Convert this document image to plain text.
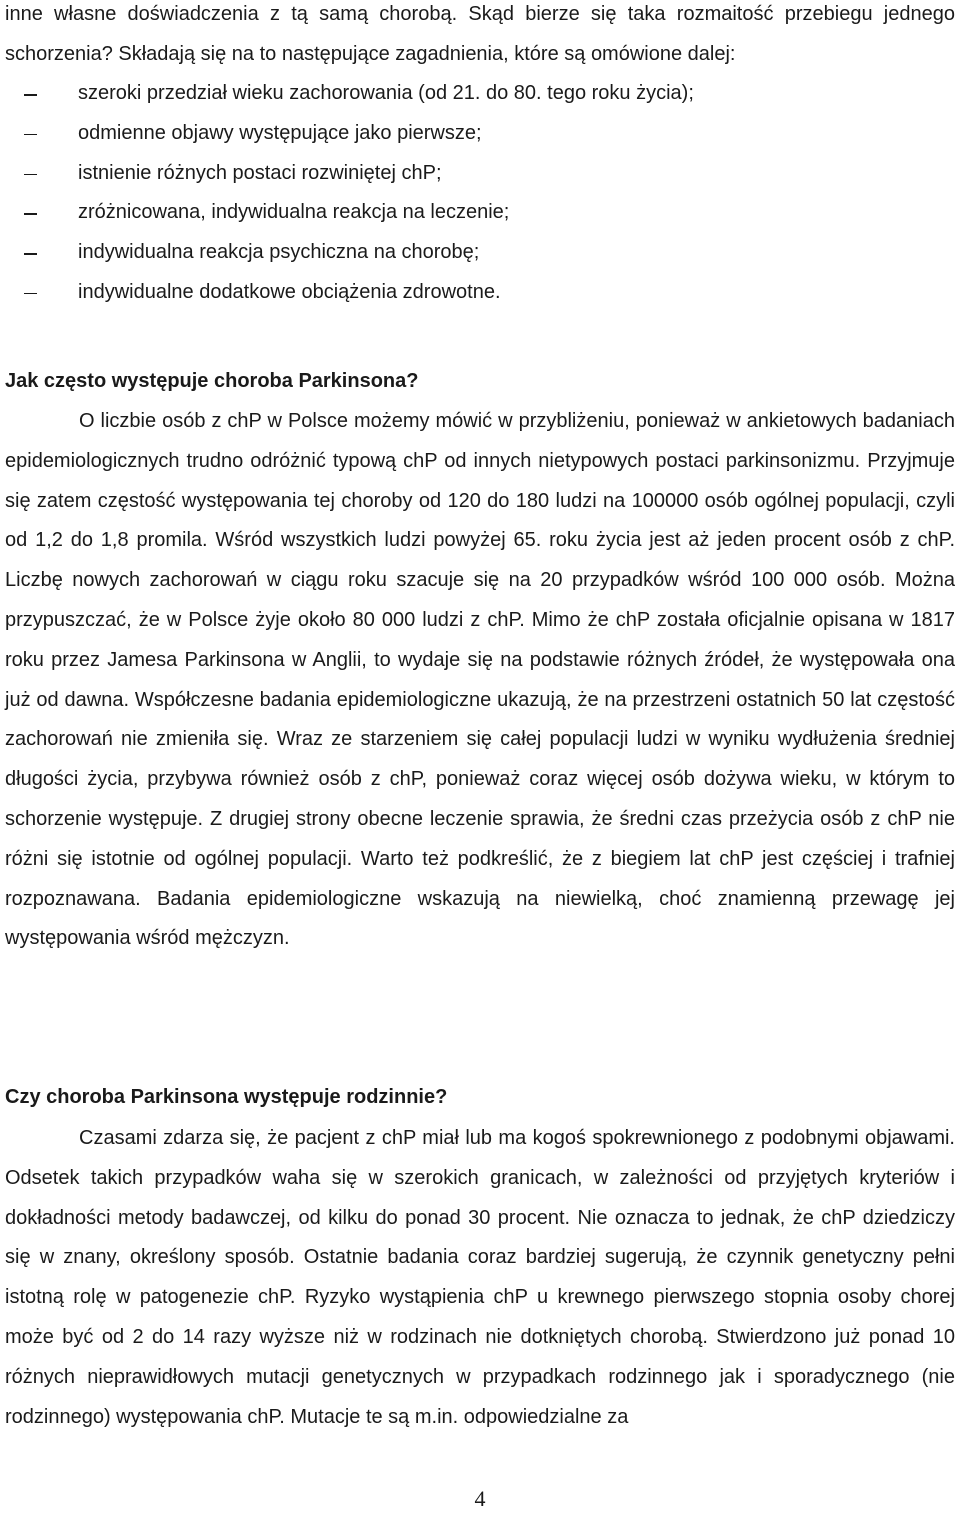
inne własne doświadczenia z tą samą chorobą. Skąd bierze się taka rozmaitość przebiegu jednego schorzenia? Składają się na to następujące zagadnienia, które są omówione dalej:

szeroki przedział wieku zachorowania (od 21. do 80. tego roku życia);
odmienne objawy występujące jako pierwsze;
istnienie różnych postaci rozwiniętej chP;
zróżnicowana, indywidualna reakcja na leczenie;
indywidualna reakcja psychiczna na chorobę;
indywidualne dodatkowe obciążenia zdrowotne.
Jak często występuje choroba Parkinsona?

O liczbie osób z chP w Polsce możemy mówić w przybliżeniu, ponieważ w ankietowych badaniach epidemiologicznych trudno odróżnić typową chP od innych nietypowych postaci parkinsonizmu. Przyjmuje się zatem częstość występowania tej choroby od 120 do 180 ludzi na 100000 osób ogólnej populacji, czyli od 1,2 do 1,8 promila. Wśród wszystkich ludzi powyżej 65. roku życia jest aż jeden procent osób z chP. Liczbę nowych zachorowań w ciągu roku szacuje się na 20 przypadków wśród 100 000 osób. Można przypuszczać, że w Polsce żyje około 80 000 ludzi z chP. Mimo że chP została oficjalnie opisana w 1817 roku przez Jamesa Parkinsona w Anglii, to wydaje się na podstawie różnych źródeł, że występowała ona już od dawna. Współczesne badania epidemiologiczne ukazują, że na przestrzeni ostatnich 50 lat częstość zachorowań nie zmieniła się. Wraz ze starzeniem się całej populacji ludzi w wyniku wydłużenia średniej długości życia, przybywa również osób z chP, ponieważ coraz więcej osób dożywa wieku, w którym to schorzenie występuje. Z drugiej strony obecne leczenie sprawia, że średni czas przeżycia osób z chP nie różni się istotnie od ogólnej populacji. Warto też podkreślić, że z biegiem lat chP jest częściej i trafniej rozpoznawana. Badania epidemiologiczne wskazują na niewielką, choć znamienną przewagę jej występowania wśród mężczyzn.

Czy choroba Parkinsona występuje rodzinnie?

Czasami zdarza się, że pacjent z chP miał lub ma kogoś spokrewnionego z podobnymi objawami. Odsetek takich przypadków waha się w szerokich granicach, w zależności od przyjętych kryteriów i dokładności metody badawczej, od kilku do ponad 30 procent. Nie oznacza to jednak, że chP dziedziczy się w znany, określony sposób. Ostatnie badania coraz bardziej sugerują, że czynnik genetyczny pełni istotną rolę w patogenezie chP. Ryzyko wystąpienia chP u krewnego pierwszego stopnia osoby chorej może być od 2 do 14 razy wyższe niż w rodzinach nie dotkniętych chorobą. Stwierdzono już ponad 10 różnych nieprawidłowych mutacji genetycznych w przypadkach rodzinnego jak i sporadycznego (nie rodzinnego) występowania chP. Mutacje te są m.in. odpowiedzialne za

4
